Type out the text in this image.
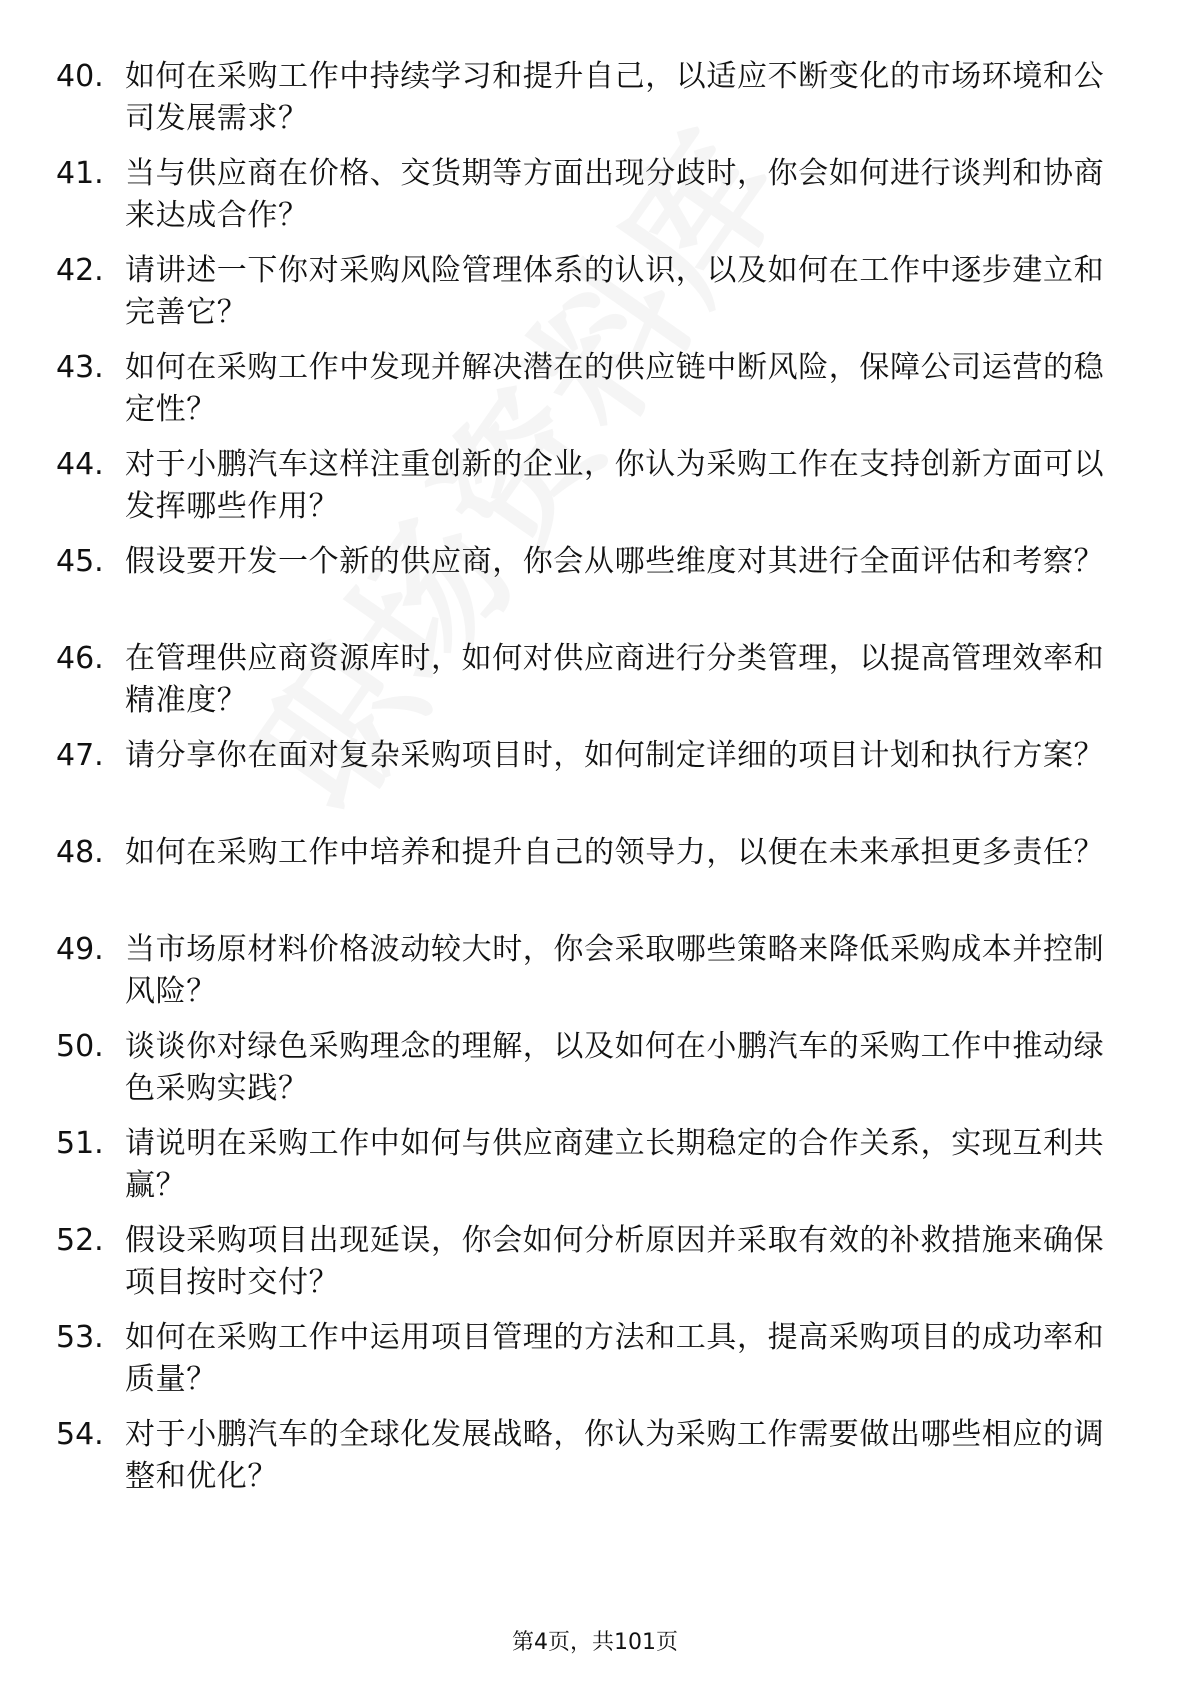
40. 如何在采购工作中持续学习和提升自己，以适应不断变化的市场环境和公司发展需求？
41. 当与供应商在价格、交货期等方面出现分歧时，你会如何进行谈判和协商来达成合作？
42. 请讲述一下你对采购风险管理体系的认识，以及如何在工作中逐步建立和完善它？
43. 如何在采购工作中发现并解决潜在的供应链中断风险，保障公司运营的稳定性？
44. 对于小鹏汽车这样注重创新的企业，你认为采购工作在支持创新方面可以发挥哪些作用？
45. 假设要开发一个新的供应商，你会从哪些维度对其进行全面评估和考察？
46. 在管理供应商资源库时，如何对供应商进行分类管理，以提高管理效率和精准度？
47. 请分享你在面对复杂采购项目时，如何制定详细的项目计划和执行方案？
48. 如何在采购工作中培养和提升自己的领导力，以便在未来承担更多责任？
49. 当市场原材料价格波动较大时，你会采取哪些策略来降低采购成本并控制风险？
50. 谈谈你对绿色采购理念的理解，以及如何在小鹏汽车的采购工作中推动绿色采购实践？
51. 请说明在采购工作中如何与供应商建立长期稳定的合作关系，实现互利共赢？
52. 假设采购项目出现延误，你会如何分析原因并采取有效的补救措施来确保项目按时交付？
53. 如何在采购工作中运用项目管理的方法和工具，提高采购项目的成功率和质量？
54. 对于小鹏汽车的全球化发展战略，你认为采购工作需要做出哪些相应的调整和优化？
第4页，共101页
